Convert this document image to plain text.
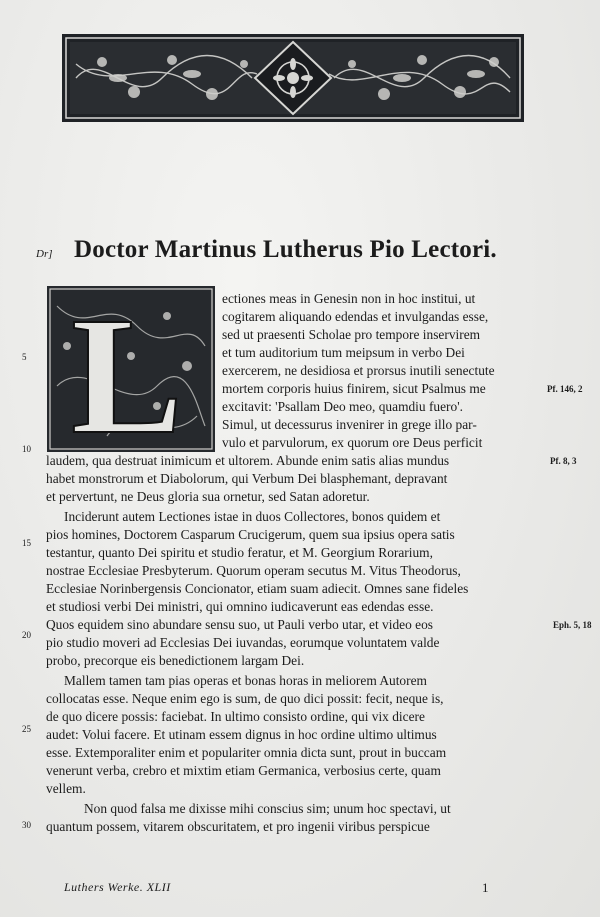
Dr] Doctor Martinus Lutherus Pio Lectori.
L	ectiones meas in Genesin non in hoc institui, ut
cogitarem aliquando edendas et invulgandas esse,
sed ut praesenti Scholae pro tempore inservirem
et tum auditorium tum meipsum in verbo Dei
exercerem, ne desidiosa et prorsus inutili senectute
mortem corporis huius finirem, sicut Psalmus me
excitavit: 'Psallam Deo meo, quamdiu fuero'.
Simul, ut decessurus invenirer in grege illo par-
vulo et parvulorum, ex quorum ore Deus perficit
laudem, qua destruat inimicum et ultorem. Abunde enim satis alias mundus
habet monstrorum et Diabolorum, qui Verbum Dei blasphemant, depravant
et pervertunt, ne Deus gloria sua ornetur, sed Satan adoretur.
Inciderunt autem Lectiones istae in duos Collectores, bonos quidem et
pios homines, Doctorem Casparum Crucigerum, quem sua ipsius opera satis
testantur, quanto Dei spiritu et studio feratur, et M. Georgium Rorarium,
nostrae Ecclesiae Presbyterum. Quorum operam secutus M. Vitus Theodorus,
Ecclesiae Norinbergensis Concionator, etiam suam adiecit. Omnes sane fideles
et studiosi verbi Dei ministri, qui omnino iudicaverunt eas edendas esse.
Quos equidem sino abundare sensu suo, ut Pauli verbo utar, et video eos
pio studio moveri ad Ecclesias Dei iuvandas, eorumque voluntatem valde
probo, precorque eis benedictionem largam Dei.
Mallem tamen tam pias operas et bonas horas in meliorem Autorem
collocatas esse. Neque enim ego is sum, de quo dici possit: fecit, neque is,
de quo dicere possis: faciebat. In ultimo consisto ordine, qui vix dicere
audet: Volui facere. Et utinam essem dignus in hoc ordine ultimo ultimus
esse. Extemporaliter enim et populariter omnia dicta sunt, prout in buccam
venerunt verba, crebro et mixtim etiam Germanica, verbosius certe, quam
vellem.
Non quod falsa me dixisse mihi conscius sim; unum hoc spectavi, ut
quantum possem, vitarem obscuritatem, et pro ingenii viribus perspicue
5
10
15
20
25
30
Pf. 146, 2
Pf. 8, 3
Eph. 5, 18
Luthers Werke. XLII	1
